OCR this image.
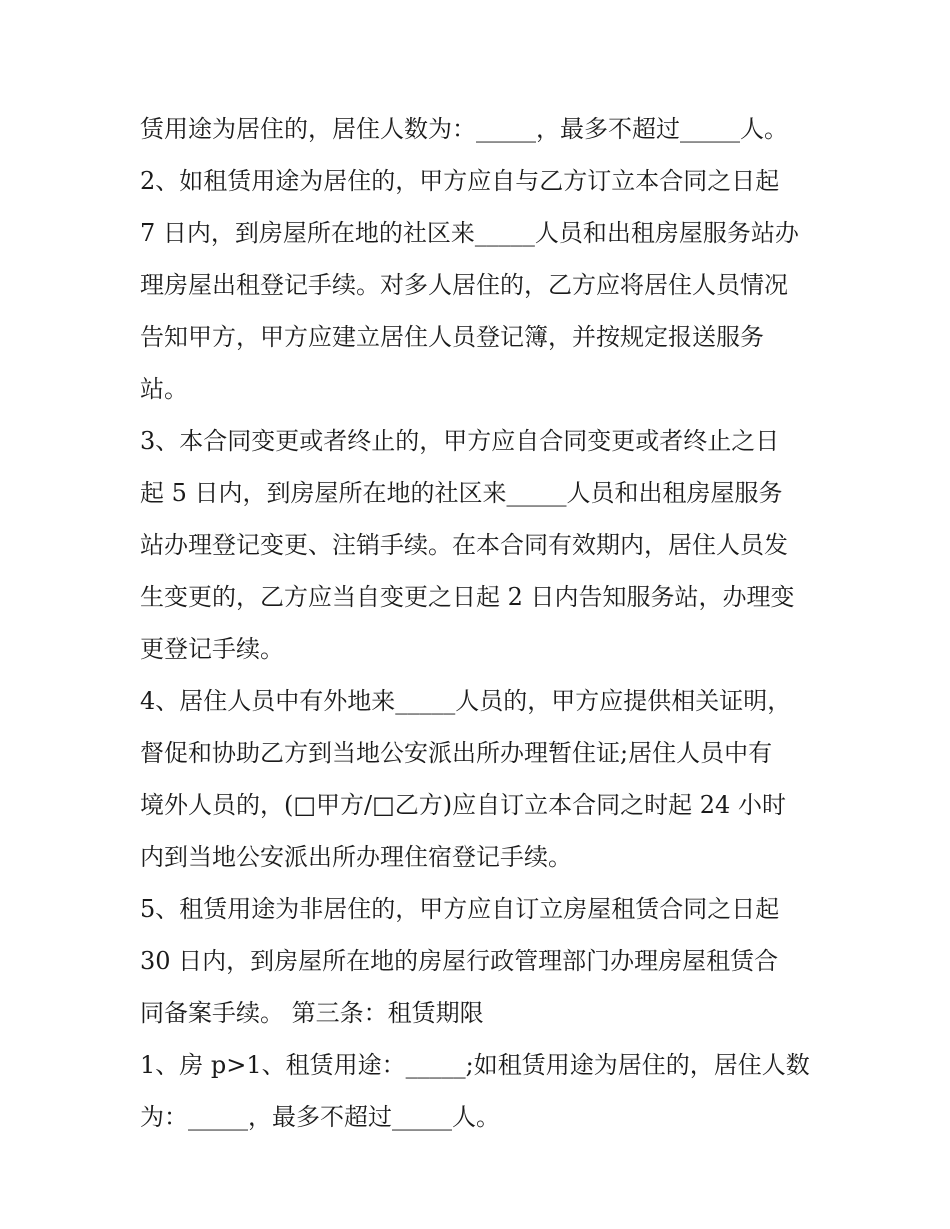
赁用途为居住的，居住人数为：_____，最多不超过_____人。
2、如租赁用途为居住的，甲方应自与乙方订立本合同之日起
7 日内，到房屋所在地的社区来_____人员和出租房屋服务站办
理房屋出租登记手续。对多人居住的，乙方应将居住人员情况
告知甲方，甲方应建立居住人员登记簿，并按规定报送服务
站。
3、本合同变更或者终止的，甲方应自合同变更或者终止之日
起 5 日内，到房屋所在地的社区来_____人员和出租房屋服务
站办理登记变更、注销手续。在本合同有效期内，居住人员发
生变更的，乙方应当自变更之日起 2 日内告知服务站，办理变
更登记手续。
4、居住人员中有外地来_____人员的，甲方应提供相关证明，
督促和协助乙方到当地公安派出所办理暂住证;居住人员中有
境外人员的，(□甲方/□乙方)应自订立本合同之时起 24 小时
内到当地公安派出所办理住宿登记手续。
5、租赁用途为非居住的，甲方应自订立房屋租赁合同之日起
30 日内，到房屋所在地的房屋行政管理部门办理房屋租赁合
同备案手续。 第三条：租赁期限
1、房 p>1、租赁用途：_____;如租赁用途为居住的，居住人数
为：_____，最多不超过_____人。
